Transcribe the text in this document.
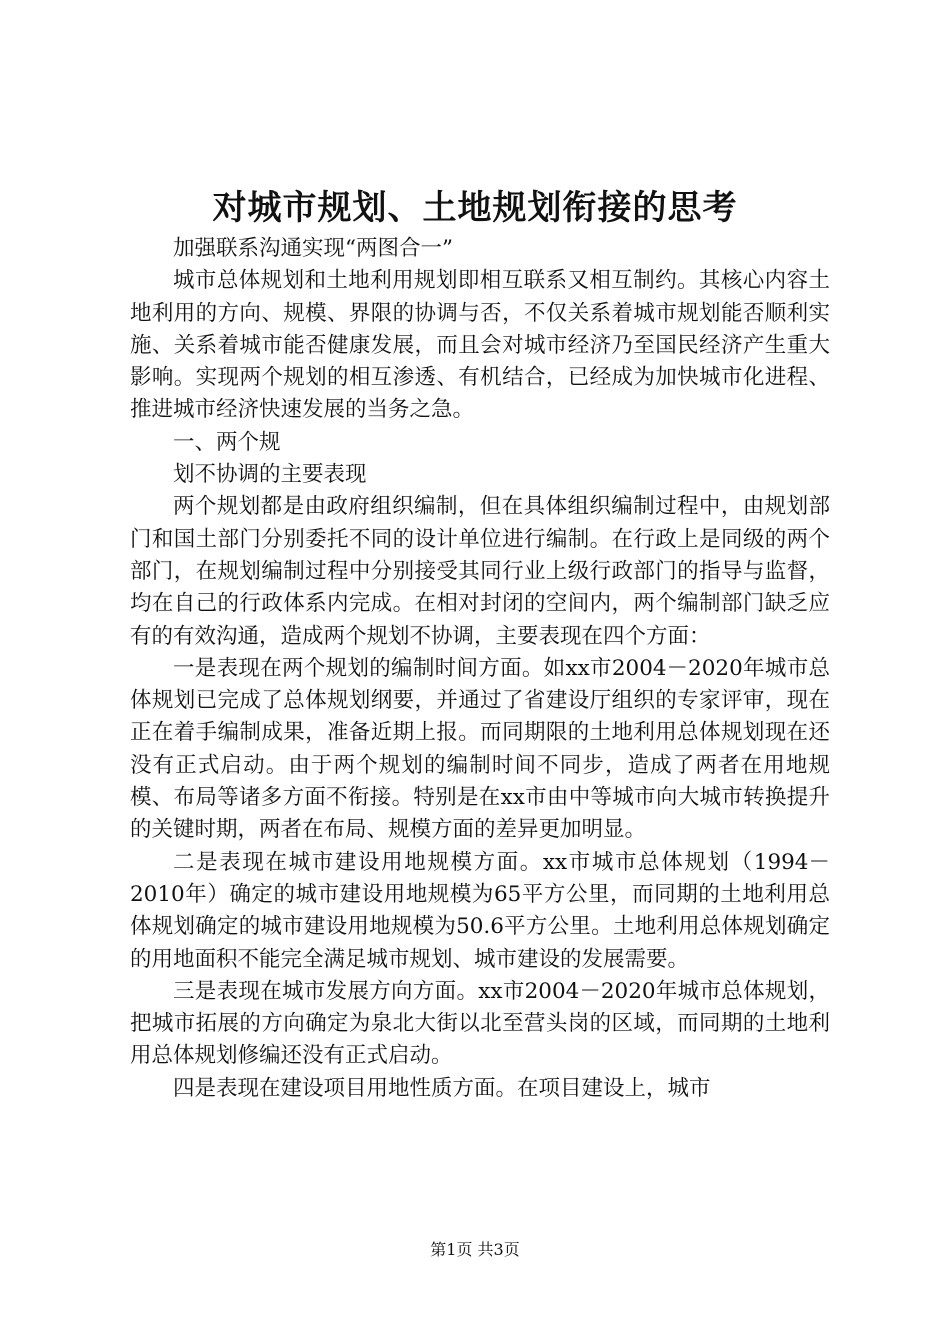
对城市规划、土地规划衔接的思考

加强联系沟通实现“两图合一”

城市总体规划和土地利用规划即相互联系又相互制约。其核心内容土地利用的方向、规模、界限的协调与否，不仅关系着城市规划能否顺利实施、关系着城市能否健康发展，而且会对城市经济乃至国民经济产生重大影响。实现两个规划的相互渗透、有机结合，已经成为加快城市化进程、推进城市经济快速发展的当务之急。

一、两个规

划不协调的主要表现

两个规划都是由政府组织编制，但在具体组织编制过程中，由规划部门和国土部门分别委托不同的设计单位进行编制。在行政上是同级的两个部门，在规划编制过程中分别接受其同行业上级行政部门的指导与监督，均在自己的行政体系内完成。在相对封闭的空间内，两个编制部门缺乏应有的有效沟通，造成两个规划不协调，主要表现在四个方面：

一是表现在两个规划的编制时间方面。如xx市2004－2020年城市总体规划已完成了总体规划纲要，并通过了省建设厅组织的专家评审，现在正在着手编制成果，准备近期上报。而同期限的土地利用总体规划现在还没有正式启动。由于两个规划的编制时间不同步，造成了两者在用地规模、布局等诸多方面不衔接。特别是在xx市由中等城市向大城市转换提升的关键时期，两者在布局、规模方面的差异更加明显。

二是表现在城市建设用地规模方面。xx市城市总体规划（1994－2010年）确定的城市建设用地规模为65平方公里，而同期的土地利用总体规划确定的城市建设用地规模为50.6平方公里。土地利用总体规划确定的用地面积不能完全满足城市规划、城市建设的发展需要。

三是表现在城市发展方向方面。xx市2004－2020年城市总体规划，把城市拓展的方向确定为泉北大街以北至营头岗的区域，而同期的土地利用总体规划修编还没有正式启动。

四是表现在建设项目用地性质方面。在项目建设上，城市

第1页 共3页
